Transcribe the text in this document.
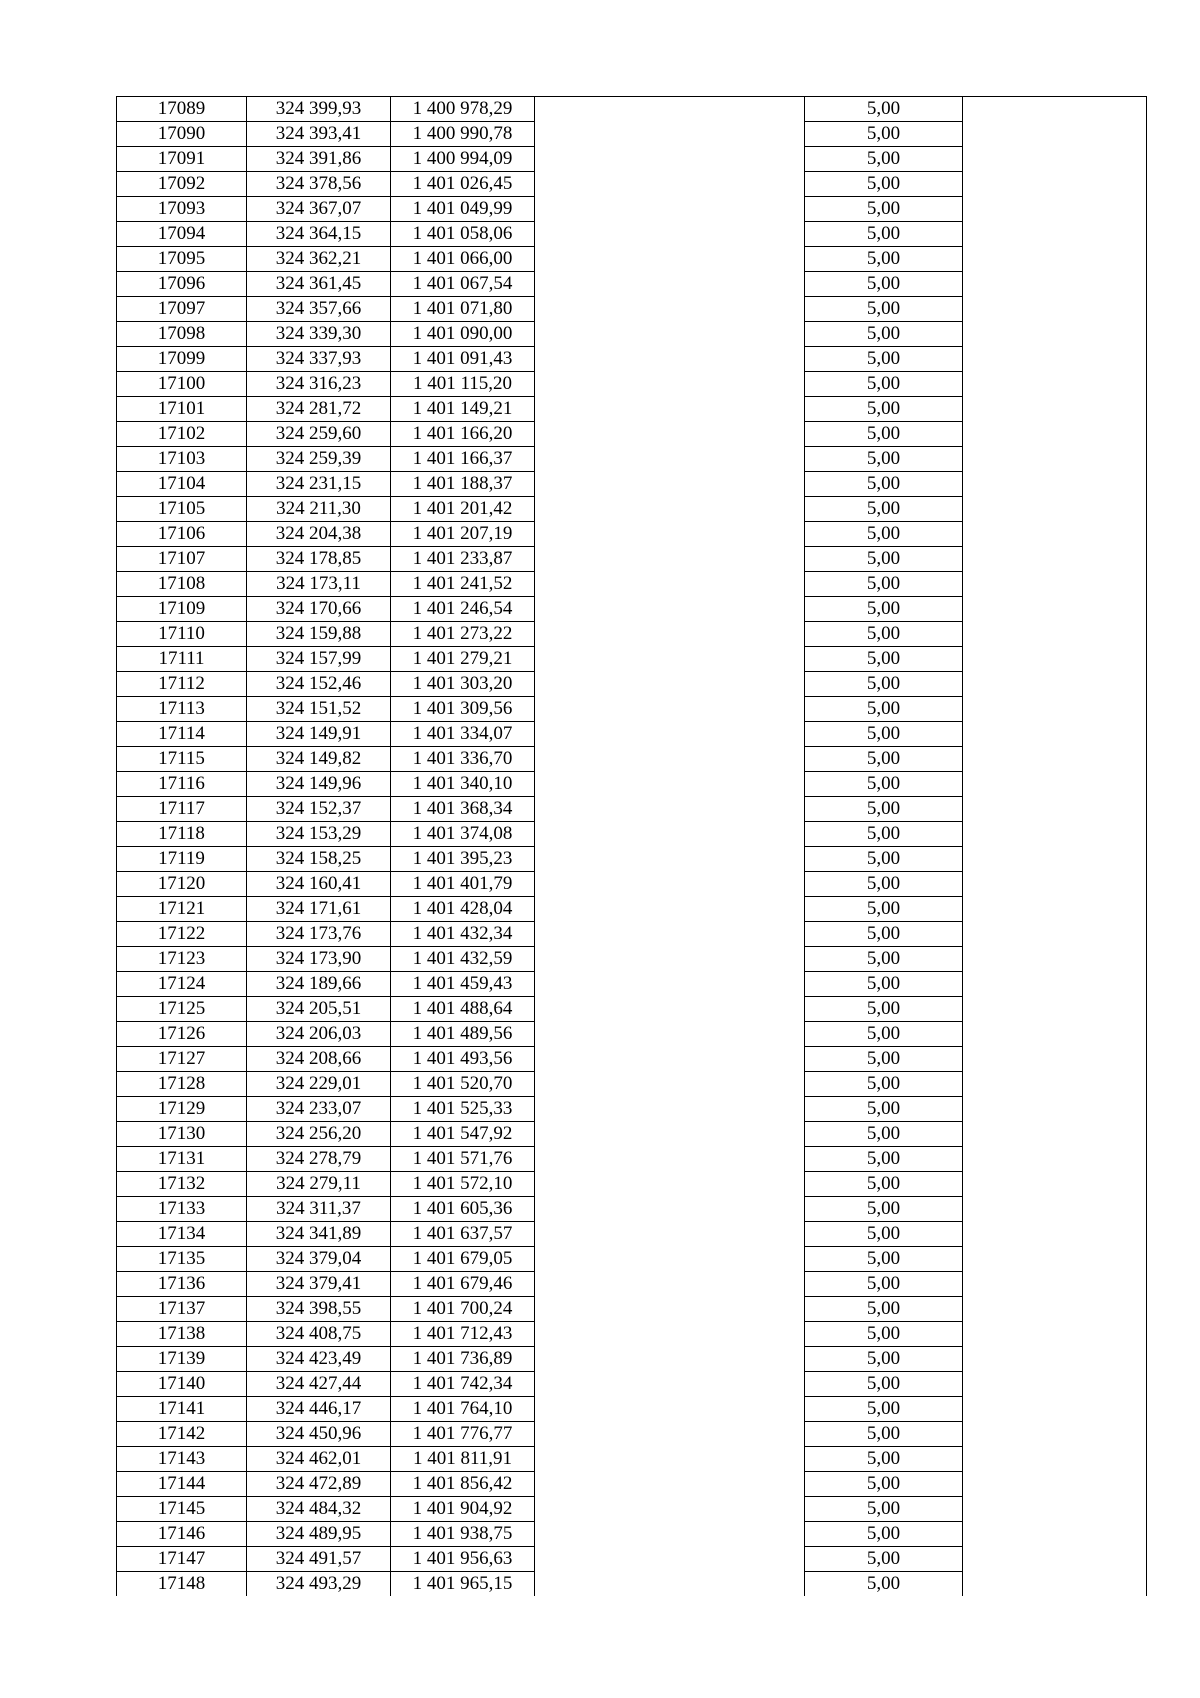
17089	324 399,93	1 400 978,29		5,00	
17090	324 393,41	1 400 990,78		5,00	
17091	324 391,86	1 400 994,09		5,00	
17092	324 378,56	1 401 026,45		5,00	
17093	324 367,07	1 401 049,99		5,00	
17094	324 364,15	1 401 058,06		5,00	
17095	324 362,21	1 401 066,00		5,00	
17096	324 361,45	1 401 067,54		5,00	
17097	324 357,66	1 401 071,80		5,00	
17098	324 339,30	1 401 090,00		5,00	
17099	324 337,93	1 401 091,43		5,00	
17100	324 316,23	1 401 115,20		5,00	
17101	324 281,72	1 401 149,21		5,00	
17102	324 259,60	1 401 166,20		5,00	
17103	324 259,39	1 401 166,37		5,00	
17104	324 231,15	1 401 188,37		5,00	
17105	324 211,30	1 401 201,42		5,00	
17106	324 204,38	1 401 207,19		5,00	
17107	324 178,85	1 401 233,87		5,00	
17108	324 173,11	1 401 241,52		5,00	
17109	324 170,66	1 401 246,54		5,00	
17110	324 159,88	1 401 273,22		5,00	
17111	324 157,99	1 401 279,21		5,00	
17112	324 152,46	1 401 303,20		5,00	
17113	324 151,52	1 401 309,56		5,00	
17114	324 149,91	1 401 334,07		5,00	
17115	324 149,82	1 401 336,70		5,00	
17116	324 149,96	1 401 340,10		5,00	
17117	324 152,37	1 401 368,34		5,00	
17118	324 153,29	1 401 374,08		5,00	
17119	324 158,25	1 401 395,23		5,00	
17120	324 160,41	1 401 401,79		5,00	
17121	324 171,61	1 401 428,04		5,00	
17122	324 173,76	1 401 432,34		5,00	
17123	324 173,90	1 401 432,59		5,00	
17124	324 189,66	1 401 459,43		5,00	
17125	324 205,51	1 401 488,64		5,00	
17126	324 206,03	1 401 489,56		5,00	
17127	324 208,66	1 401 493,56		5,00	
17128	324 229,01	1 401 520,70		5,00	
17129	324 233,07	1 401 525,33		5,00	
17130	324 256,20	1 401 547,92		5,00	
17131	324 278,79	1 401 571,76		5,00	
17132	324 279,11	1 401 572,10		5,00	
17133	324 311,37	1 401 605,36		5,00	
17134	324 341,89	1 401 637,57		5,00	
17135	324 379,04	1 401 679,05		5,00	
17136	324 379,41	1 401 679,46		5,00	
17137	324 398,55	1 401 700,24		5,00	
17138	324 408,75	1 401 712,43		5,00	
17139	324 423,49	1 401 736,89		5,00	
17140	324 427,44	1 401 742,34		5,00	
17141	324 446,17	1 401 764,10		5,00	
17142	324 450,96	1 401 776,77		5,00	
17143	324 462,01	1 401 811,91		5,00	
17144	324 472,89	1 401 856,42		5,00	
17145	324 484,32	1 401 904,92		5,00	
17146	324 489,95	1 401 938,75		5,00	
17147	324 491,57	1 401 956,63		5,00	
17148	324 493,29	1 401 965,15		5,00	
